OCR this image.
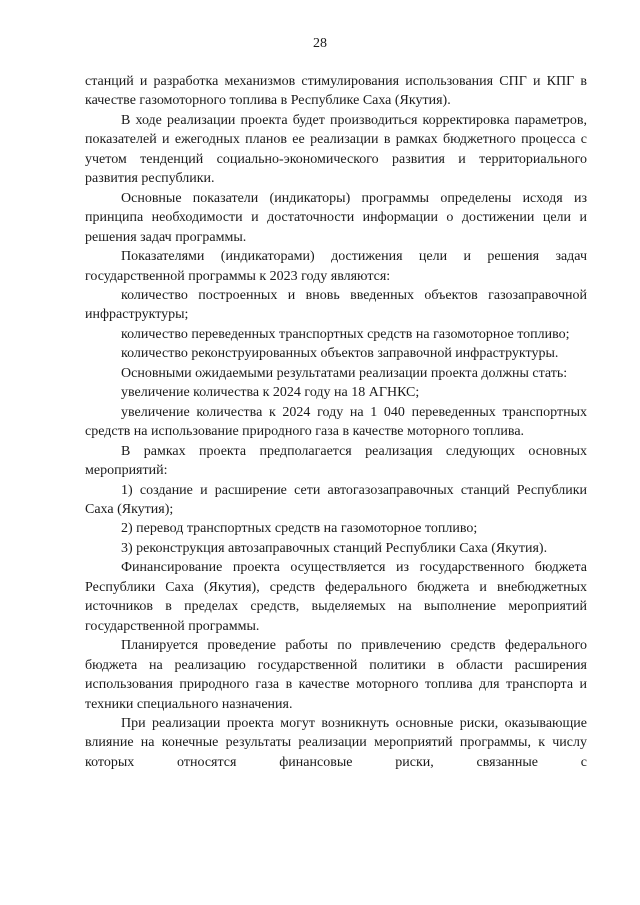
28

станций и разработка механизмов стимулирования использования СПГ и КПГ в качестве газомоторного топлива в Республике Саха (Якутия).

В ходе реализации проекта будет производиться корректировка параметров, показателей и ежегодных планов ее реализации в рамках бюджетного процесса с учетом тенденций социально-экономического развития и территориального развития республики.

Основные показатели (индикаторы) программы определены исходя из принципа необходимости и достаточности информации о достижении цели и решения задач программы.

Показателями (индикаторами) достижения цели и решения задач государственной программы к 2023 году являются:

количество построенных и вновь введенных объектов газозаправочной инфраструктуры;

количество переведенных транспортных средств на газомоторное топливо;

количество реконструированных объектов заправочной инфраструктуры.

Основными ожидаемыми результатами реализации проекта должны стать:

увеличение количества к 2024 году на 18 АГНКС;

увеличение количества к 2024 году на 1 040 переведенных транспортных средств на использование природного газа в качестве моторного топлива.

В рамках проекта предполагается реализация следующих основных мероприятий:

1) создание и расширение сети автогазозаправочных станций Республики Саха (Якутия);

2) перевод транспортных средств на газомоторное топливо;

3) реконструкция автозаправочных станций Республики Саха (Якутия).

Финансирование проекта осуществляется из государственного бюджета Республики Саха (Якутия), средств федерального бюджета и внебюджетных источников в пределах средств, выделяемых на выполнение мероприятий государственной программы.

Планируется проведение работы по привлечению средств федерального бюджета на реализацию государственной политики в области расширения использования природного газа в качестве моторного топлива для транспорта и техники специального назначения.

При реализации проекта могут возникнуть основные риски, оказывающие влияние на конечные результаты реализации мероприятий программы, к числу которых относятся финансовые риски, связанные с
